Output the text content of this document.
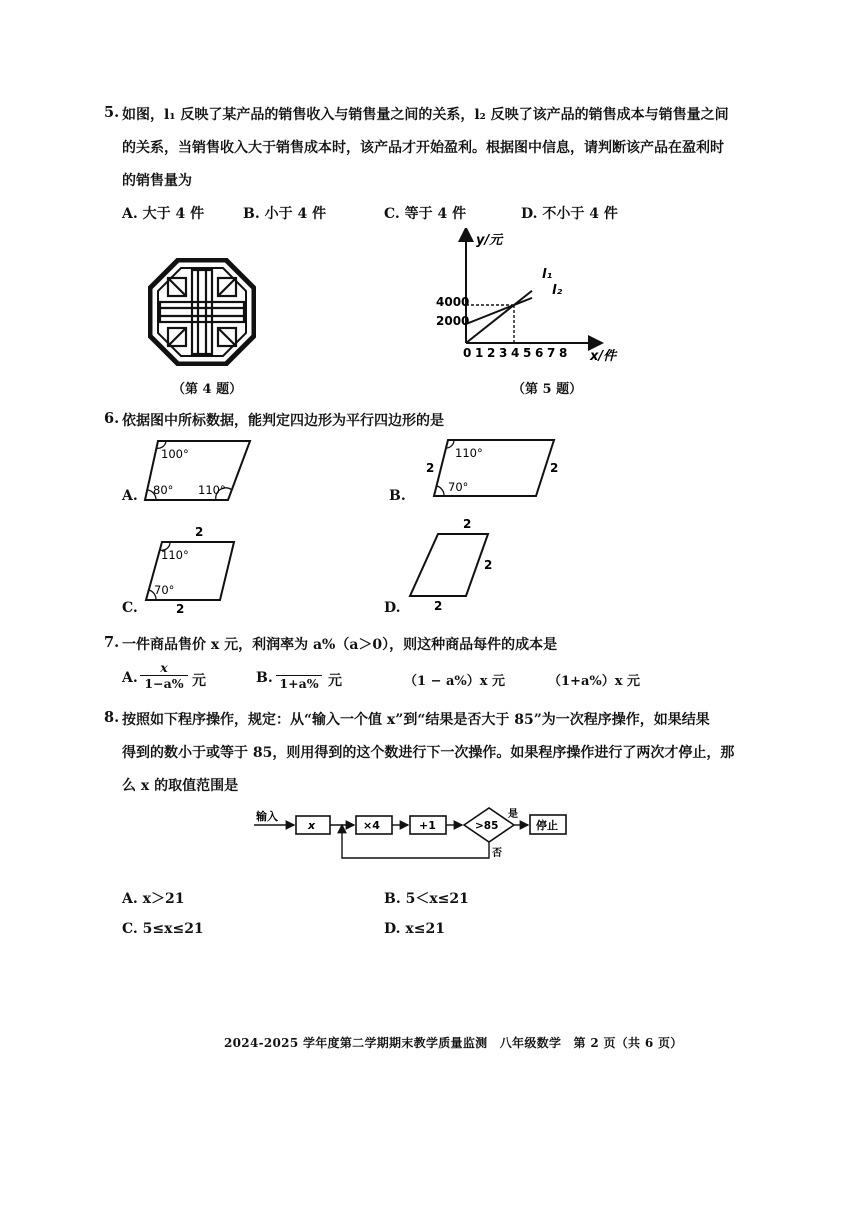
5. 如图，l₁ 反映了某产品的销售收入与销售量之间的关系，l₂ 反映了该产品的销售成本与销售量之间
的关系，当销售收入大于销售成本时，该产品才开始盈利。根据图中信息，请判断该产品在盈利时
的销售量为
A. 大于 4 件	B. 小于 4 件	C. 等于 4 件	D. 不小于 4 件
（第 4 题）
y/元
x/件
4000
2000
0 1 2 3 4 5 6 7 8
l₁
l₂
（第 5 题）
6. 依据图中所标数据，能判定四边形为平行四边形的是
A.
100°
80° 110°	B.
110°
70°
2	2
C.
110°
70°
2
2	D.
2
2
2
7. 一件商品售价 x 元，利润率为 a%（a＞0），则这种商品每件的成本是
A. $\frac{x}{1-a\%}$ 元	B. 1+a% 元	（1 − a%）x 元	（1+a%）x 元
8. 按照如下程序操作，规定：从“输入一个值 x”到“结果是否大于 85”为一次程序操作，如果结果
得到的数小于或等于 85，则用得到的这个数进行下一次操作。如果程序操作进行了两次才停止，那
么 x 的取值范围是
输入
x	×4	+1	>85
是
停止
否
A. x＞21	B. 5＜x≤21
C. 5≤x≤21	D. x≤21
2024-2025 学年度第二学期期末教学质量监测　八年级数学　第 2 页（共 6 页）
